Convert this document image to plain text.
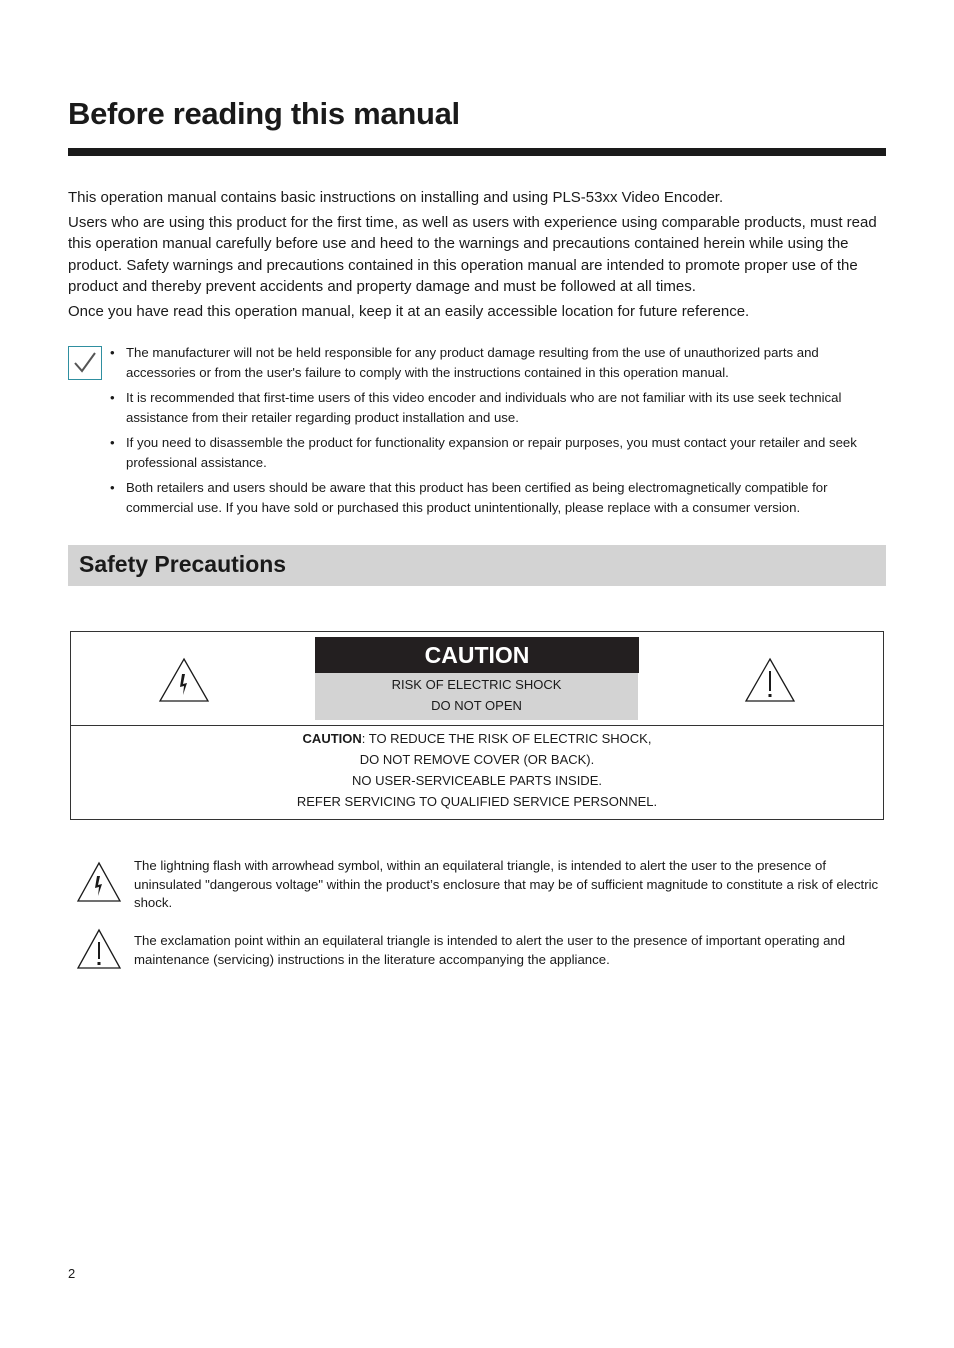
Before reading this manual

This operation manual contains basic instructions on installing and using PLS-53xx Video Encoder.

Users who are using this product for the first time, as well as users with experience using comparable products, must read this operation manual carefully before use and heed to the warnings and precautions contained herein while using the product. Safety warnings and precautions contained in this operation manual are intended to promote proper use of the product and thereby prevent accidents and property damage and must be followed at all times.

Once you have read this operation manual, keep it at an easily accessible location for future reference.

• The manufacturer will not be held responsible for any product damage resulting from the use of unauthorized parts and accessories or from the user's failure to comply with the instructions contained in this operation manual.
• It is recommended that first-time users of this video encoder and individuals who are not familiar with its use seek technical assistance from their retailer regarding product installation and use.
• If you need to disassemble the product for functionality expansion or repair purposes, you must contact your retailer and seek professional assistance.
• Both retailers and users should be aware that this product has been certified as being electromagnetically compatible for commercial use. If you have sold or purchased this product unintentionally, please replace with a consumer version.
Safety Precautions
CAUTION
RISK OF ELECTRIC SHOCK
DO NOT OPEN
CAUTION: TO REDUCE THE RISK OF ELECTRIC SHOCK,
DO NOT REMOVE COVER (OR BACK).
NO USER-SERVICEABLE PARTS INSIDE.
REFER SERVICING TO QUALIFIED SERVICE PERSONNEL.
The lightning flash with arrowhead symbol, within an equilateral triangle, is intended to alert the user to the presence of uninsulated "dangerous voltage" within the product’s enclosure that may be of sufficient magnitude to constitute a risk of electric shock.
The exclamation point within an equilateral triangle is intended to alert the user to the presence of important operating and maintenance (servicing) instructions in the literature accompanying the appliance.
2
